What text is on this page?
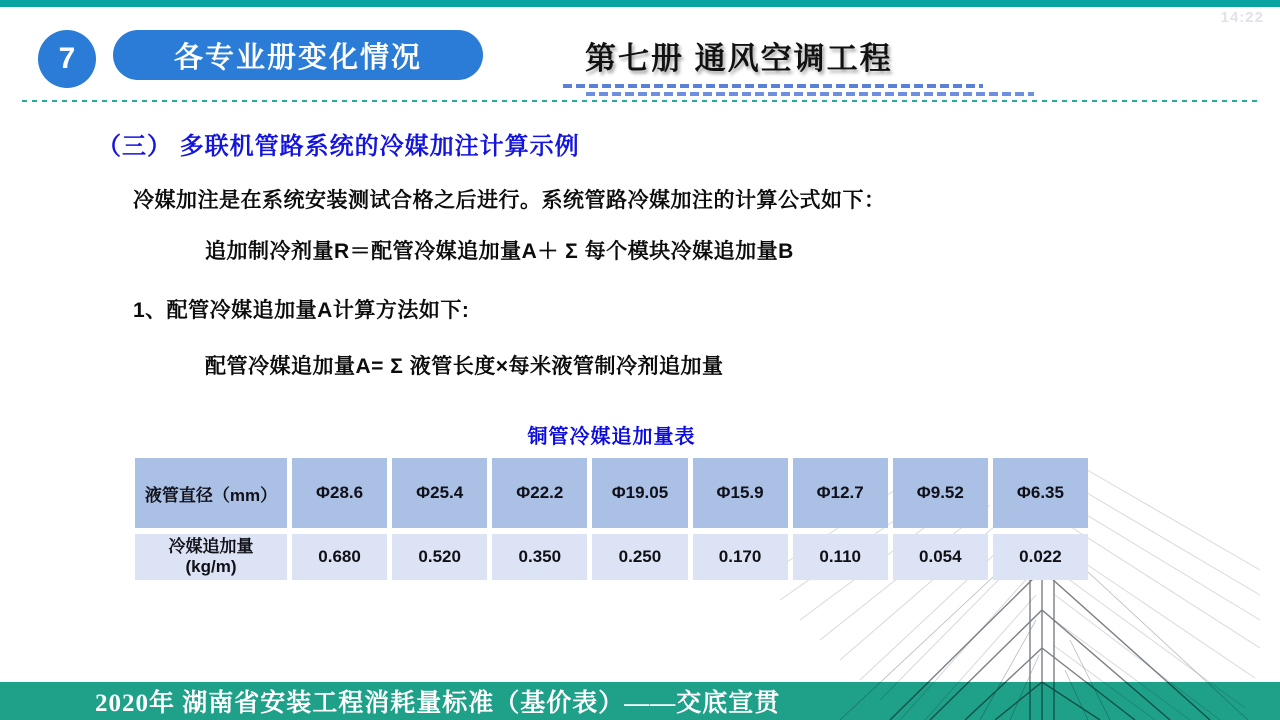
14:22
7	各专业册变化情况	第七册 通风空调工程
（三） 多联机管路系统的冷媒加注计算示例
冷媒加注是在系统安装测试合格之后进行。系统管路冷媒加注的计算公式如下：
追加制冷剂量R＝配管冷媒追加量A＋ Σ 每个模块冷媒追加量B
1、配管冷媒追加量A计算方法如下:
配管冷媒追加量A= Σ 液管长度×每米液管制冷剂追加量
铜管冷媒追加量表
液管直径（mm） Φ28.6	Φ25.4	Φ22.2	Φ19.05	Φ15.9	Φ12.7	Φ9.52	Φ6.35
冷媒追加量
(kg/m)
0.680	0.520	0.350	0.250	0.170	0.110	0.054	0.022
2020年 湖南省安装工程消耗量标准（基价表）——交底宣贯
